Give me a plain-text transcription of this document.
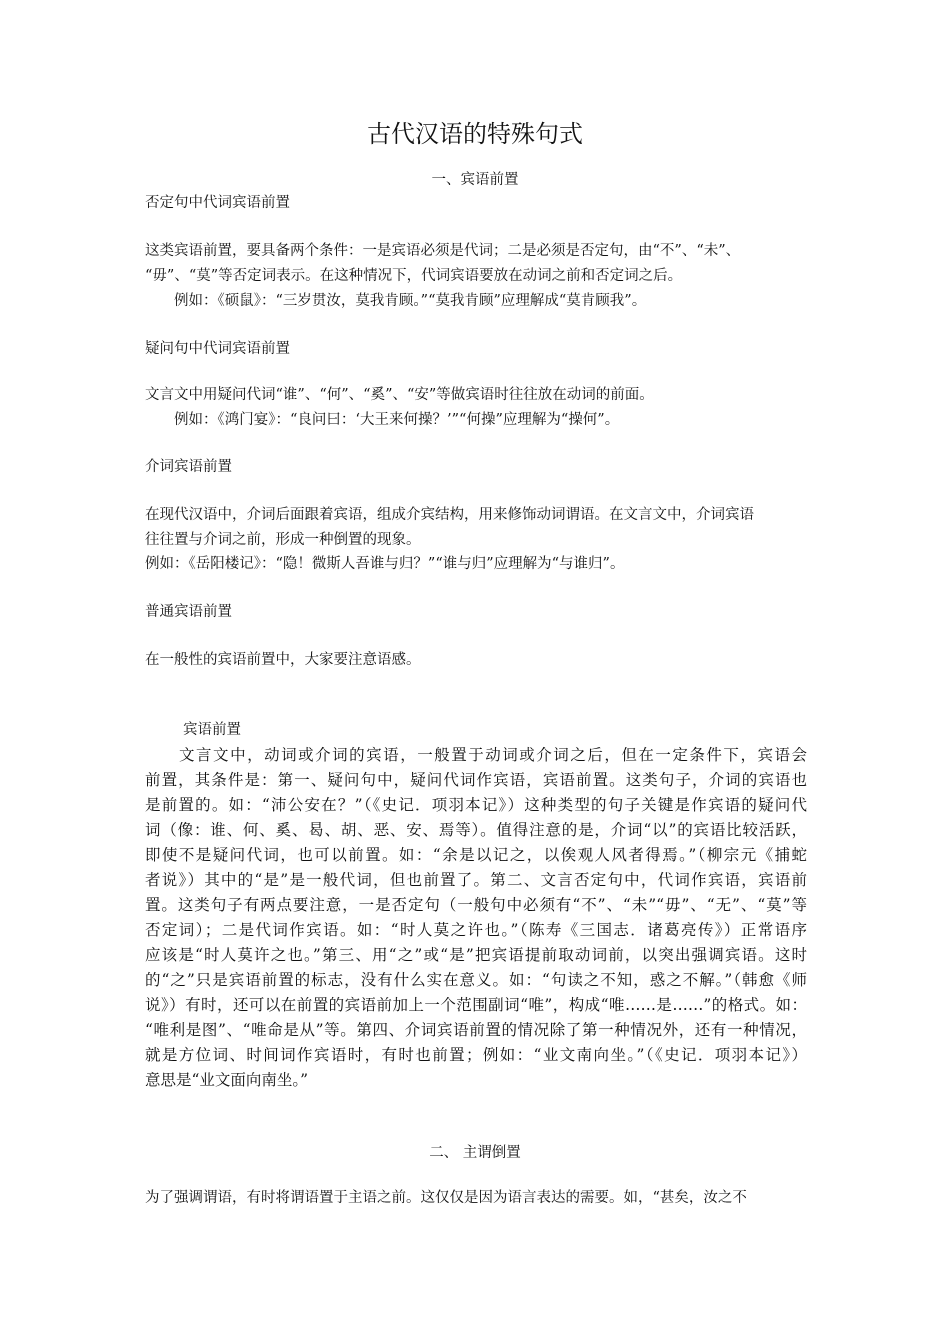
古代汉语的特殊句式
一、宾语前置
否定句中代词宾语前置
这类宾语前置，要具备两个条件：一是宾语必须是代词；二是必须是否定句，由“不”、“未”、
“毋”、“莫”等否定词表示。在这种情况下，代词宾语要放在动词之前和否定词之后。
　　例如：《硕鼠》：“三岁贯汝，莫我肯顾。”“莫我肯顾”应理解成“莫肯顾我”。
疑问句中代词宾语前置
文言文中用疑问代词“谁”、“何”、“奚”、“安”等做宾语时往往放在动词的前面。
　　例如：《鸿门宴》：“良问曰：‘大王来何操？’”“何操”应理解为“操何”。
介词宾语前置
在现代汉语中，介词后面跟着宾语，组成介宾结构，用来修饰动词谓语。在文言文中，介词宾语
往往置与介词之前，形成一种倒置的现象。
例如：《岳阳楼记》：“隐！微斯人吾谁与归？”“谁与归”应理解为“与谁归”。
普通宾语前置
在一般性的宾语前置中，大家要注意语感。
宾语前置
　　文言文中，动词或介词的宾语，一般置于动词或介词之后，但在一定条件下，宾语会
前置，其条件是：第一、疑问句中，疑问代词作宾语，宾语前置。这类句子，介词的宾语也
是前置的。如：“沛公安在？”（《史记．项羽本记》）这种类型的句子关键是作宾语的疑问代
词（像：谁、何、奚、曷、胡、恶、安、焉等）。值得注意的是，介词“以”的宾语比较活跃，
即使不是疑问代词，也可以前置。如：“余是以记之，以俟观人风者得焉。”（柳宗元《捕蛇
者说》）其中的“是”是一般代词，但也前置了。第二、文言否定句中，代词作宾语，宾语前
置。这类句子有两点要注意，一是否定句（一般句中必须有“不”、“未”“毋”、“无”、“莫”等
否定词）；二是代词作宾语。如：“时人莫之许也。”（陈寿《三国志．诸葛亮传》）正常语序
应该是“时人莫许之也。”第三、用“之”或“是”把宾语提前取动词前，以突出强调宾语。这时
的“之”只是宾语前置的标志，没有什么实在意义。如：“句读之不知，惑之不解。”（韩愈《师
说》）有时，还可以在前置的宾语前加上一个范围副词“唯”，构成“唯……是……”的格式。如：
“唯利是图”、“唯命是从”等。第四、介词宾语前置的情况除了第一种情况外，还有一种情况，
就是方位词、时间词作宾语时，有时也前置；例如：“业文南向坐。”（《史记．项羽本记》）
意思是“业文面向南坐。”
二、 主谓倒置
为了强调谓语，有时将谓语置于主语之前。这仅仅是因为语言表达的需要。如，“甚矣，汝之不
